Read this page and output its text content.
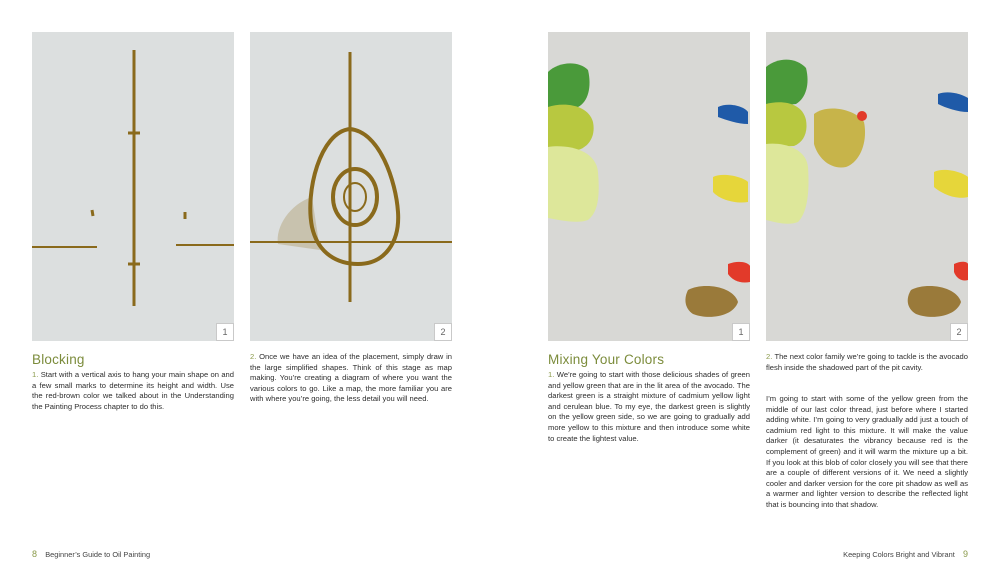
1	2
Blocking

1. Start with a vertical axis to hang your main shape on and a few small marks to determine its height and width. Use the red-brown color we talked about in the Understanding the Painting Process chapter to do this.

2. Once we have an idea of the placement, simply draw in the large simplified shapes. Think of this stage as map making. You’re creating a diagram of where you want the various colors to go. Like a map, the more familiar you are with where you’re going, the less detail you will need.

8 Beginner’s Guide to Oil Painting
1	2
Mixing Your Colors

1. We’re going to start with those delicious shades of green and yellow green that are in the lit area of the avocado. The darkest green is a straight mixture of cadmium yellow light and cerulean blue. To my eye, the darkest green is slightly on the yellow green side, so we are going to gradually add more yellow to this mixture and then introduce some white to create the lightest value.

2. The next color family we’re going to tackle is the avocado flesh inside the shadowed part of the pit cavity.

I’m going to start with some of the yellow green from the middle of our last color thread, just before where I started adding white. I’m going to very gradually add just a touch of cadmium red light to this mixture. It will make the value darker (it desaturates the vibrancy because red is the complement of green) and it will warm the mixture up a bit. If you look at this blob of color closely you will see that there are a couple of different versions of it. We need a slightly cooler and darker version for the core pit shadow as well as a warmer and lighter version to describe the reflected light that is bouncing into that shadow.

Keeping Colors Bright and Vibrant 9
